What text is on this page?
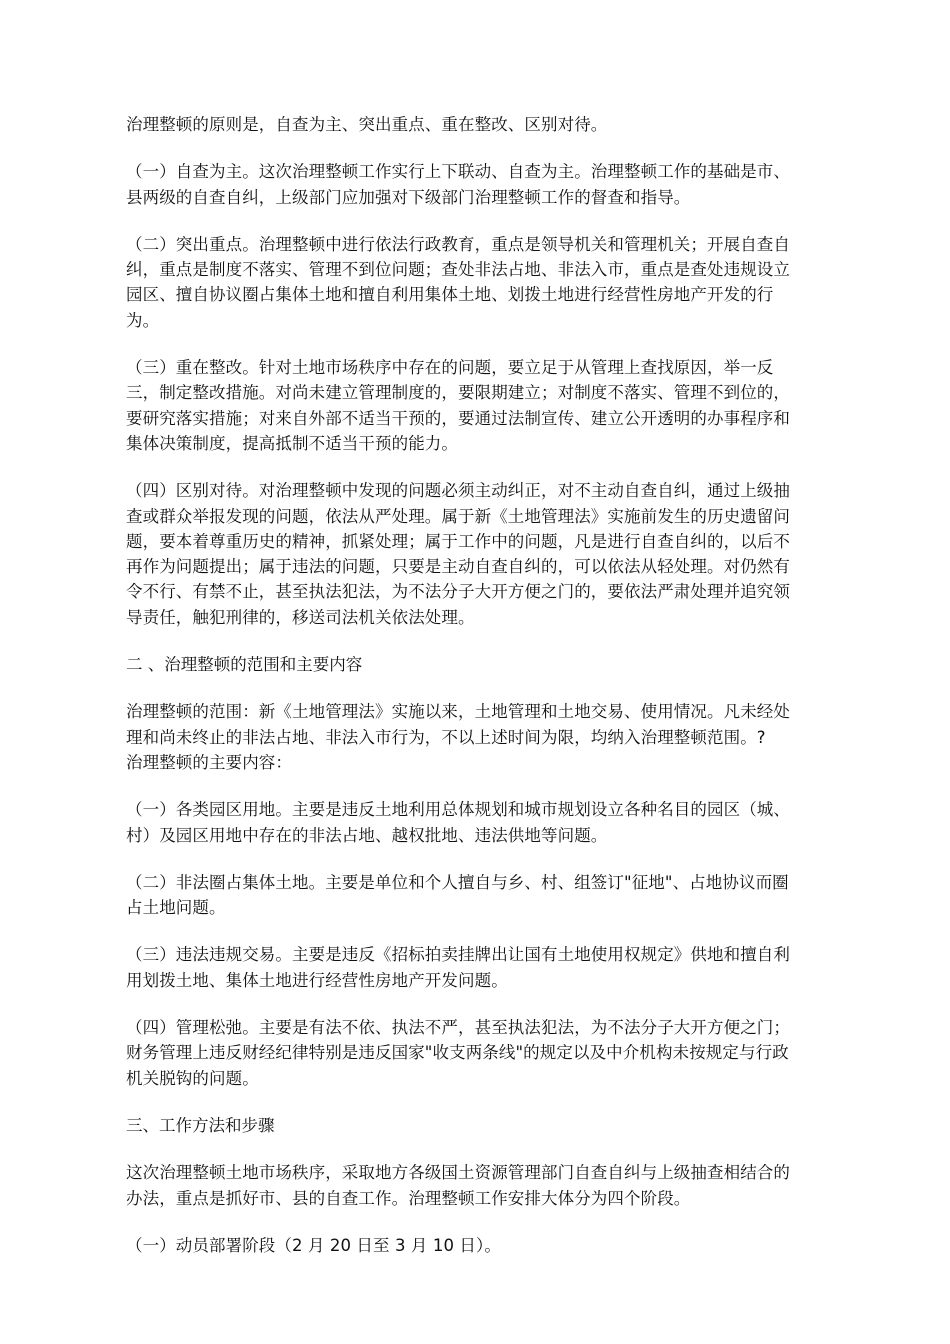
治理整顿的原则是，自查为主、突出重点、重在整改、区别对待。
（一）自查为主。这次治理整顿工作实行上下联动、自查为主。治理整顿工作的基础是市、
县两级的自查自纠，上级部门应加强对下级部门治理整顿工作的督查和指导。
（二）突出重点。治理整顿中进行依法行政教育，重点是领导机关和管理机关；开展自查自
纠，重点是制度不落实、管理不到位问题；查处非法占地、非法入市，重点是查处违规设立
园区、擅自协议圈占集体土地和擅自利用集体土地、划拨土地进行经营性房地产开发的行
为。
（三）重在整改。针对土地市场秩序中存在的问题，要立足于从管理上查找原因，举一反
三，制定整改措施。对尚未建立管理制度的，要限期建立；对制度不落实、管理不到位的，
要研究落实措施；对来自外部不适当干预的，要通过法制宣传、建立公开透明的办事程序和
集体决策制度，提高抵制不适当干预的能力。
（四）区别对待。对治理整顿中发现的问题必须主动纠正，对不主动自查自纠，通过上级抽
查或群众举报发现的问题，依法从严处理。属于新《土地管理法》实施前发生的历史遗留问
题，要本着尊重历史的精神，抓紧处理；属于工作中的问题，凡是进行自查自纠的，以后不
再作为问题提出；属于违法的问题，只要是主动自查自纠的，可以依法从轻处理。对仍然有
令不行、有禁不止，甚至执法犯法，为不法分子大开方便之门的，要依法严肃处理并追究领
导责任，触犯刑律的，移送司法机关依法处理。
二 、治理整顿的范围和主要内容
治理整顿的范围：新《土地管理法》实施以来，土地管理和土地交易、使用情况。凡未经处
理和尚未终止的非法占地、非法入市行为，不以上述时间为限，均纳入治理整顿范围。?
治理整顿的主要内容：
（一）各类园区用地。主要是违反土地利用总体规划和城市规划设立各种名目的园区（城、
村）及园区用地中存在的非法占地、越权批地、违法供地等问题。
（二）非法圈占集体土地。主要是单位和个人擅自与乡、村、组签订"征地"、占地协议而圈
占土地问题。
（三）违法违规交易。主要是违反《招标拍卖挂牌出让国有土地使用权规定》供地和擅自利
用划拨土地、集体土地进行经营性房地产开发问题。
（四）管理松弛。主要是有法不依、执法不严，甚至执法犯法，为不法分子大开方便之门；
财务管理上违反财经纪律特别是违反国家"收支两条线"的规定以及中介机构未按规定与行政
机关脱钩的问题。
三、工作方法和步骤
这次治理整顿土地市场秩序，采取地方各级国土资源管理部门自查自纠与上级抽查相结合的
办法，重点是抓好市、县的自查工作。治理整顿工作安排大体分为四个阶段。
（一）动员部署阶段（2 月 20 日至 3 月 10 日）。
